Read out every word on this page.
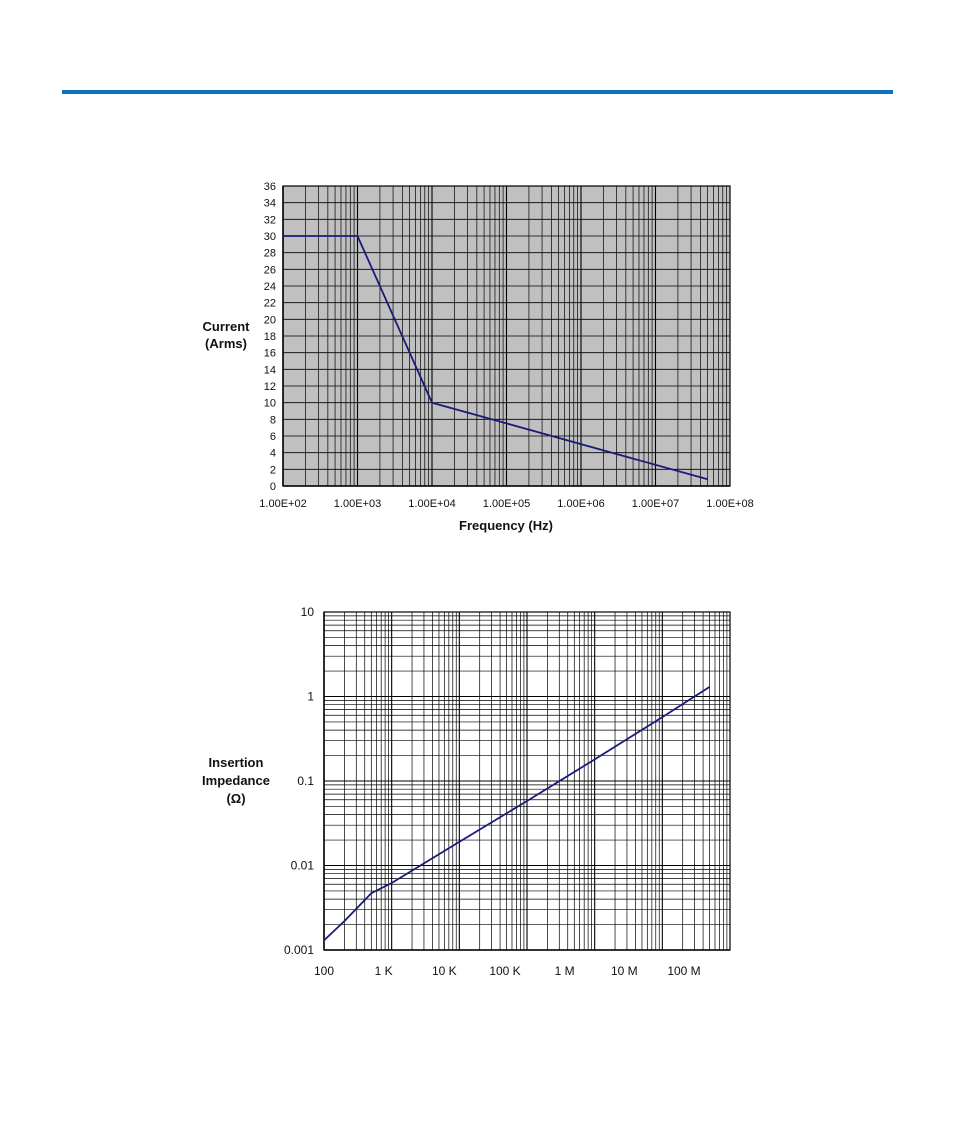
0
2
4
6
8
10
12
14
16
18
20
22
24
26
28
30
32
34
36
1.00E+02 1.00E+03 1.00E+04 1.00E+05 1.00E+06 1.00E+07 1.00E+08
Current
(Arms)
Frequency (Hz)
10
1
0.1
0.01
0.001
100	1 K	10 K	100 K	1 M	10 M 100 M
Insertion
Impedance
(Ω)
